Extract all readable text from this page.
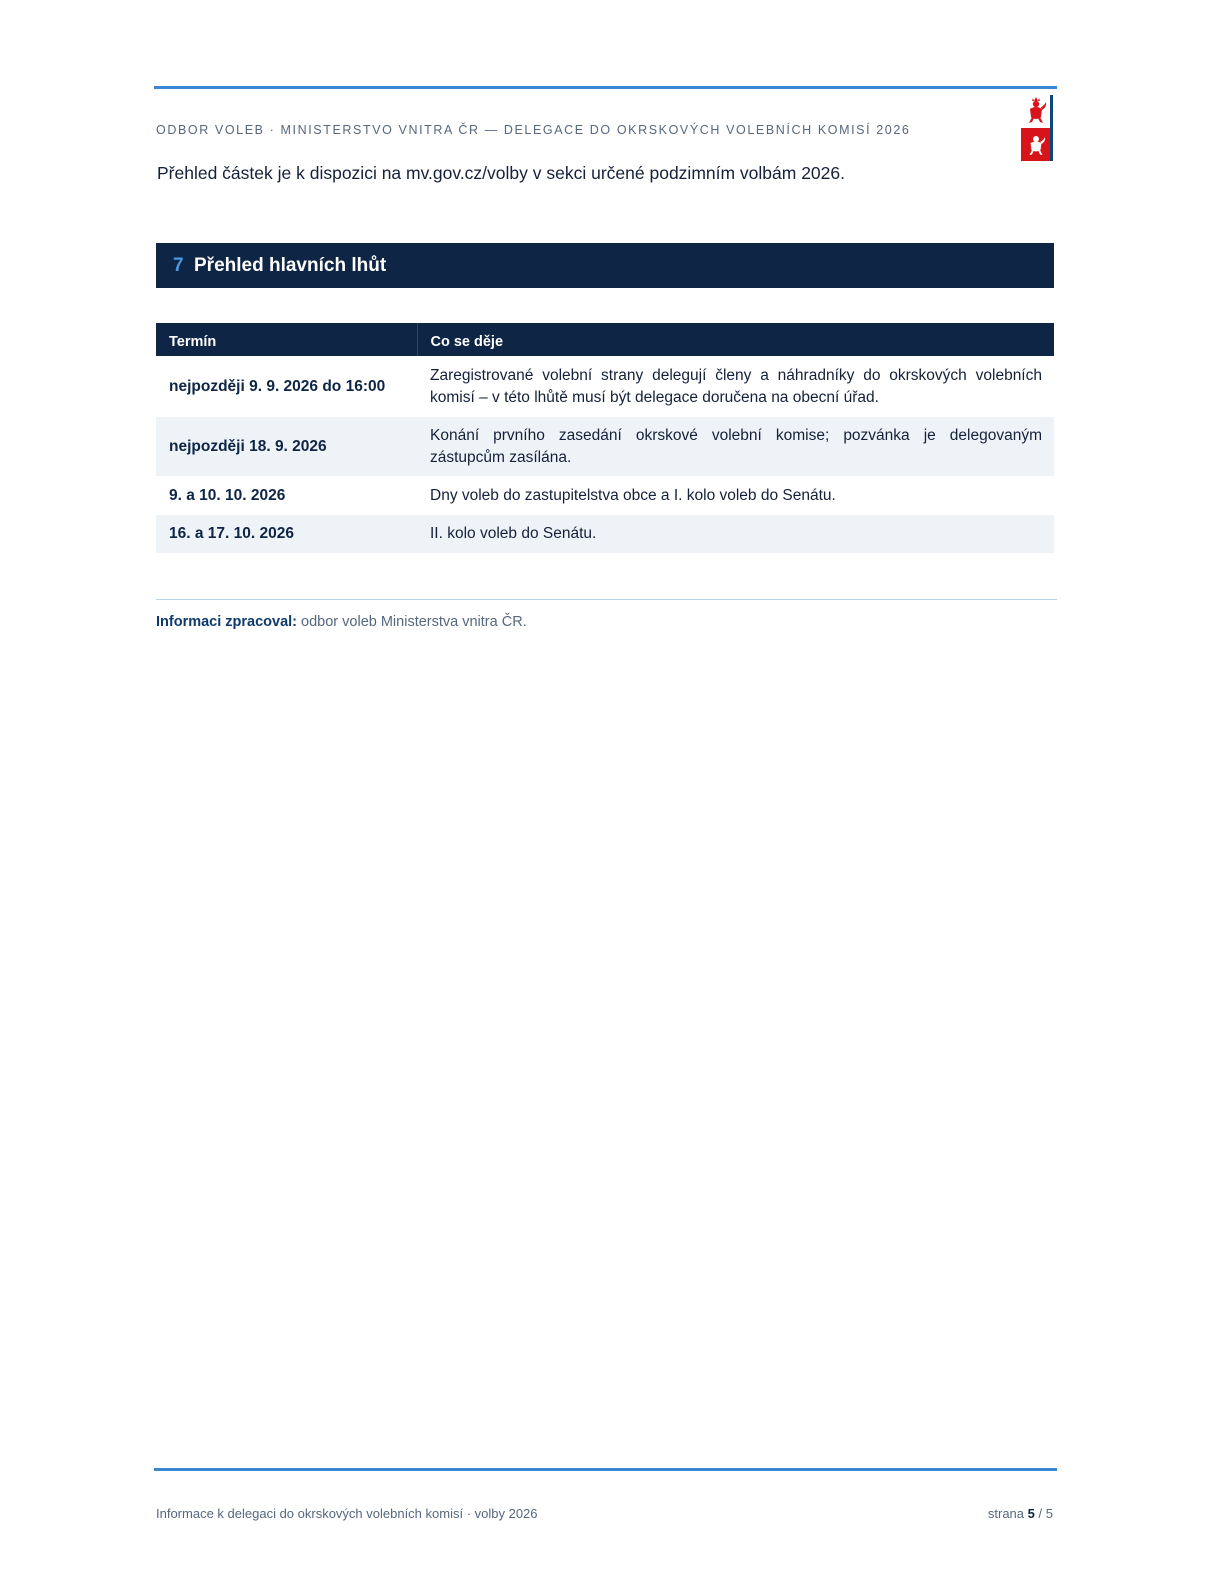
ODBOR VOLEB · MINISTERSTVO VNITRA ČR — DELEGACE DO OKRSKOVÝCH VOLEBNÍCH KOMISÍ 2026
Přehled částek je k dispozici na mv.gov.cz/volby v sekci určené podzimním volbám 2026.
7 Přehled hlavních lhůt
Termín	Co se děje
nejpozději 9. 9. 2026 do 16:00	Zaregistrované volební strany delegují členy a náhradníky do okrskových volebních komisí – v této lhůtě musí být delegace doručena na obecní úřad.
nejpozději 18. 9. 2026	Konání prvního zasedání okrskové volební komise; pozvánka je delegovaným zástupcům zasílána.
9. a 10. 10. 2026	Dny voleb do zastupitelstva obce a I. kolo voleb do Senátu.
16. a 17. 10. 2026	II. kolo voleb do Senátu.
Informaci zpracoval: odbor voleb Ministerstva vnitra ČR.
Informace k delegaci do okrskových volebních komisí · volby 2026	strana 5 / 5
